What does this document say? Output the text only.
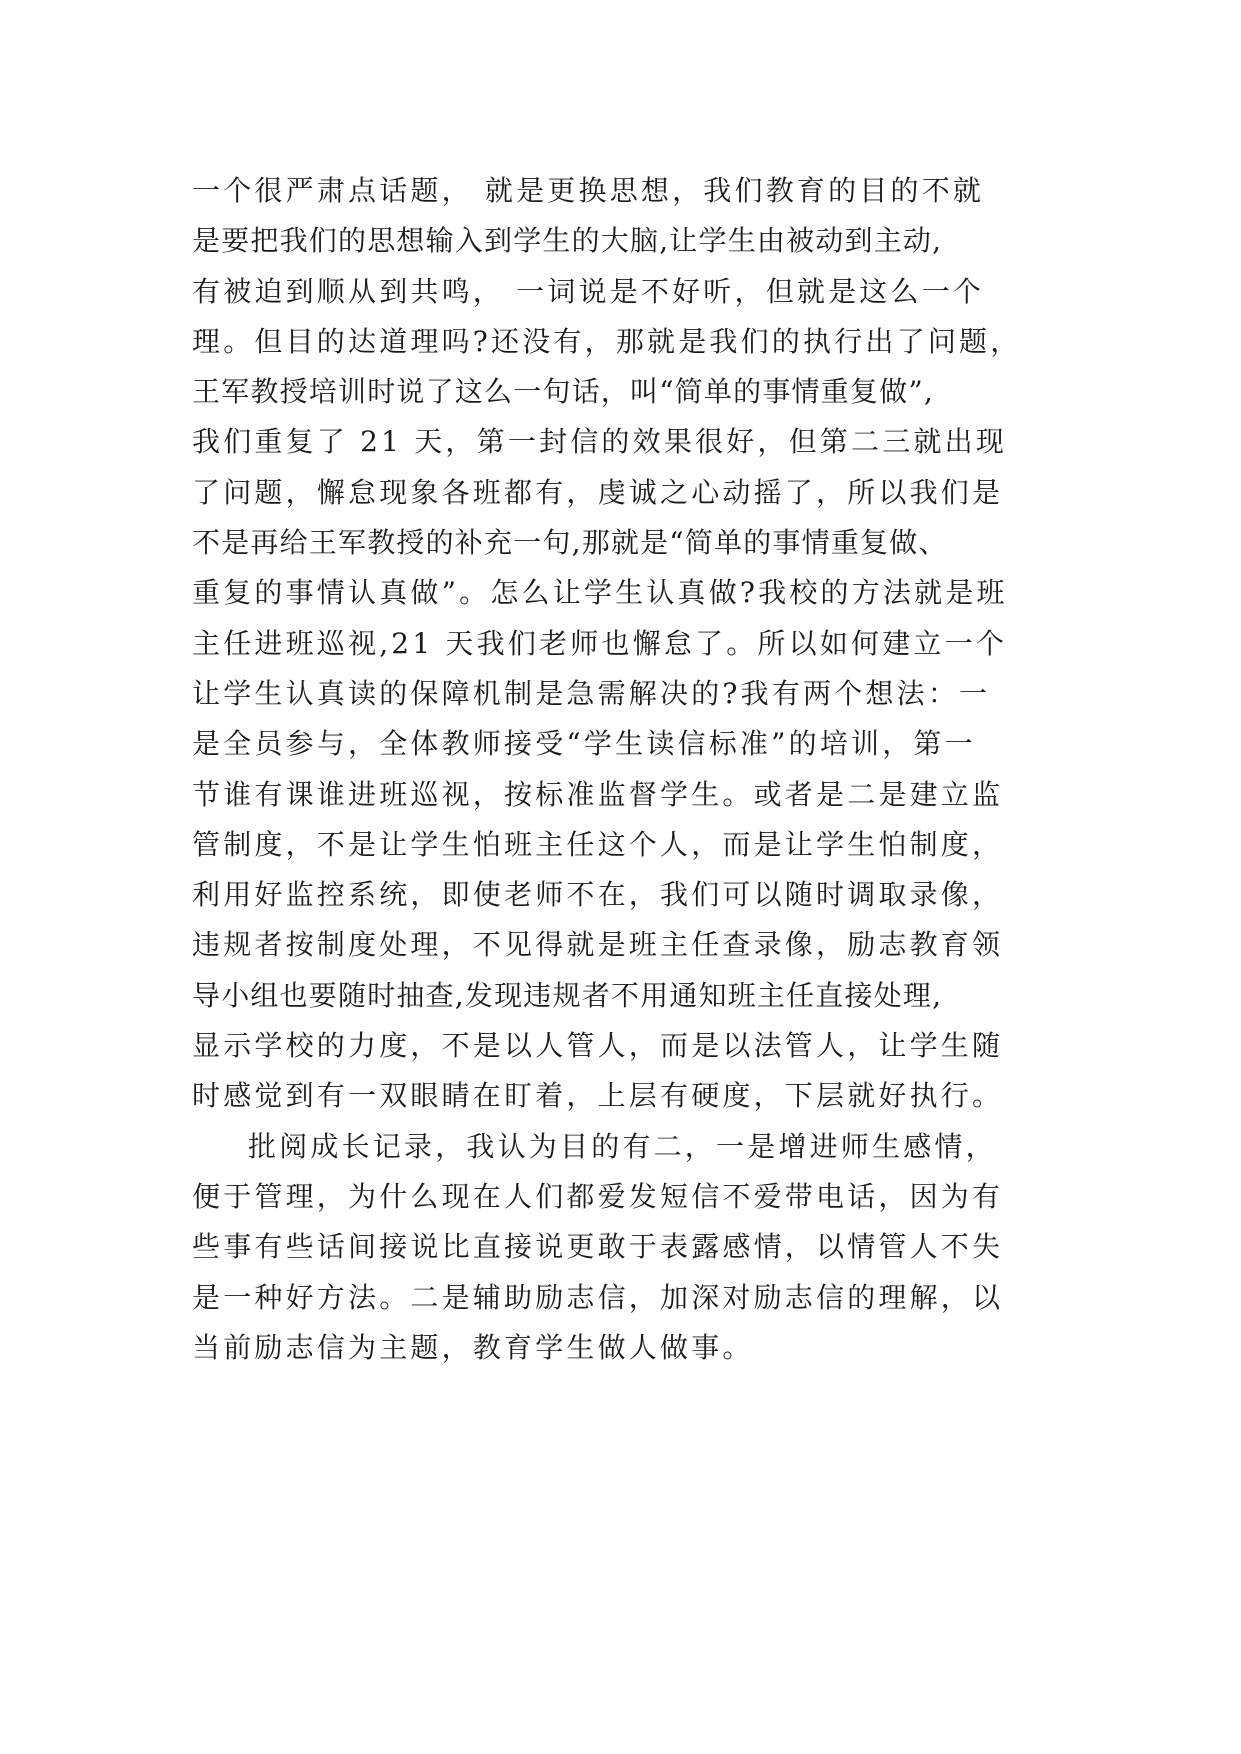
一个很严肃点话题， 就是更换思想，我们教育的目的不就
是要把我们的思想输入到学生的大脑,让学生由被动到主动,
有被迫到顺从到共鸣， 一词说是不好听，但就是这么一个
理。但目的达道理吗?还没有，那就是我们的执行出了问题，
王军教授培训时说了这么一句话，叫“简单的事情重复做”,
我们重复了 21 天，第一封信的效果很好，但第二三就出现
了问题，懈怠现象各班都有，虔诚之心动摇了，所以我们是
不是再给王军教授的补充一句,那就是“简单的事情重复做、
重复的事情认真做”。怎么让学生认真做?我校的方法就是班
主任进班巡视,21 天我们老师也懈怠了。所以如何建立一个
让学生认真读的保障机制是急需解决的?我有两个想法：一
是全员参与，全体教师接受“学生读信标准”的培训，第一
节谁有课谁进班巡视，按标准监督学生。或者是二是建立监
管制度，不是让学生怕班主任这个人，而是让学生怕制度，
利用好监控系统，即使老师不在，我们可以随时调取录像，
违规者按制度处理，不见得就是班主任查录像，励志教育领
导小组也要随时抽查,发现违规者不用通知班主任直接处理,
显示学校的力度，不是以人管人，而是以法管人，让学生随
时感觉到有一双眼睛在盯着，上层有硬度，下层就好执行。
批阅成长记录，我认为目的有二，一是增进师生感情，
便于管理，为什么现在人们都爱发短信不爱带电话，因为有
些事有些话间接说比直接说更敢于表露感情，以情管人不失
是一种好方法。二是辅助励志信，加深对励志信的理解，以
当前励志信为主题，教育学生做人做事。
